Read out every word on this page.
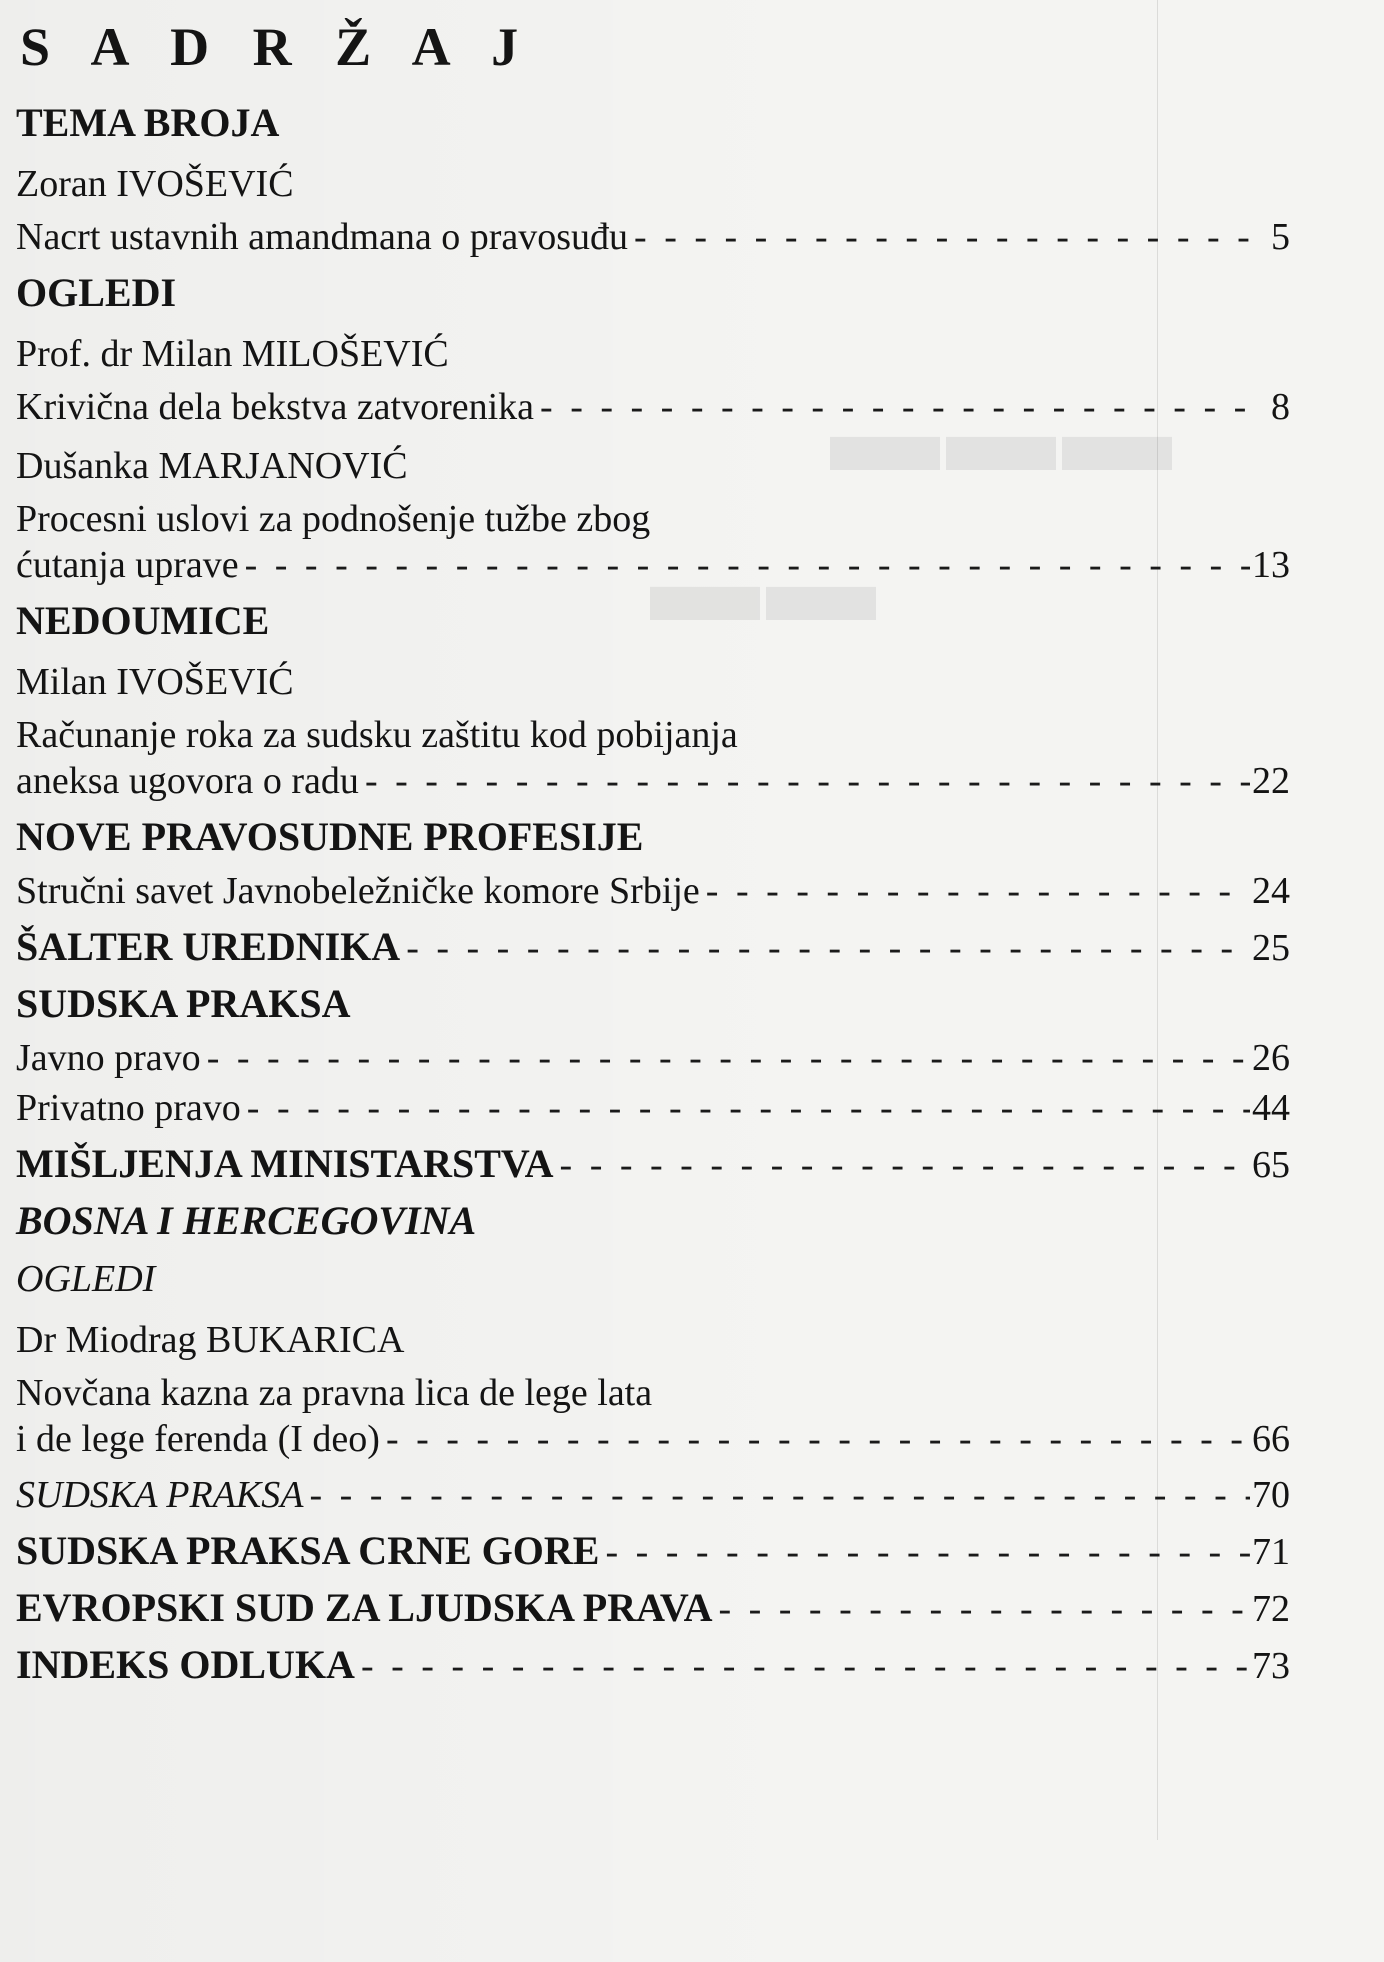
▬▬▬
▬▬
S A D R Ž A J
TEMA BROJA
Zoran IVOŠEVIĆ
Nacrt ustavnih amandmana o pravosuđu - - -	5
OGLEDI
Prof. dr Milan MILOŠEVIĆ
Krivična dela bekstva zatvorenika - - -	8
Dušanka MARJANOVIĆ
Procesni uslovi za podnošenje tužbe zbog
ćutanja uprave - - -	13
NEDOUMICE
Milan IVOŠEVIĆ
Računanje roka za sudsku zaštitu kod pobijanja
aneksa ugovora o radu - - -	22
NOVE PRAVOSUDNE PROFESIJE
Stručni savet Javnobeležničke komore Srbije - - -	24
ŠALTER UREDNIKA - - -	25
SUDSKA PRAKSA
Javno pravo - - -	26
Privatno pravo - - -	44
MIŠLJENJA MINISTARSTVA - - -	65
BOSNA I HERCEGOVINA
OGLEDI
Dr Miodrag BUKARICA
Novčana kazna za pravna lica de lege lata
i de lege ferenda (I deo) - - -	66
SUDSKA PRAKSA - - -	70
SUDSKA PRAKSA CRNE GORE - - -	71
EVROPSKI SUD ZA LJUDSKA PRAVA - - -	72
INDEKS ODLUKA - - -	73
